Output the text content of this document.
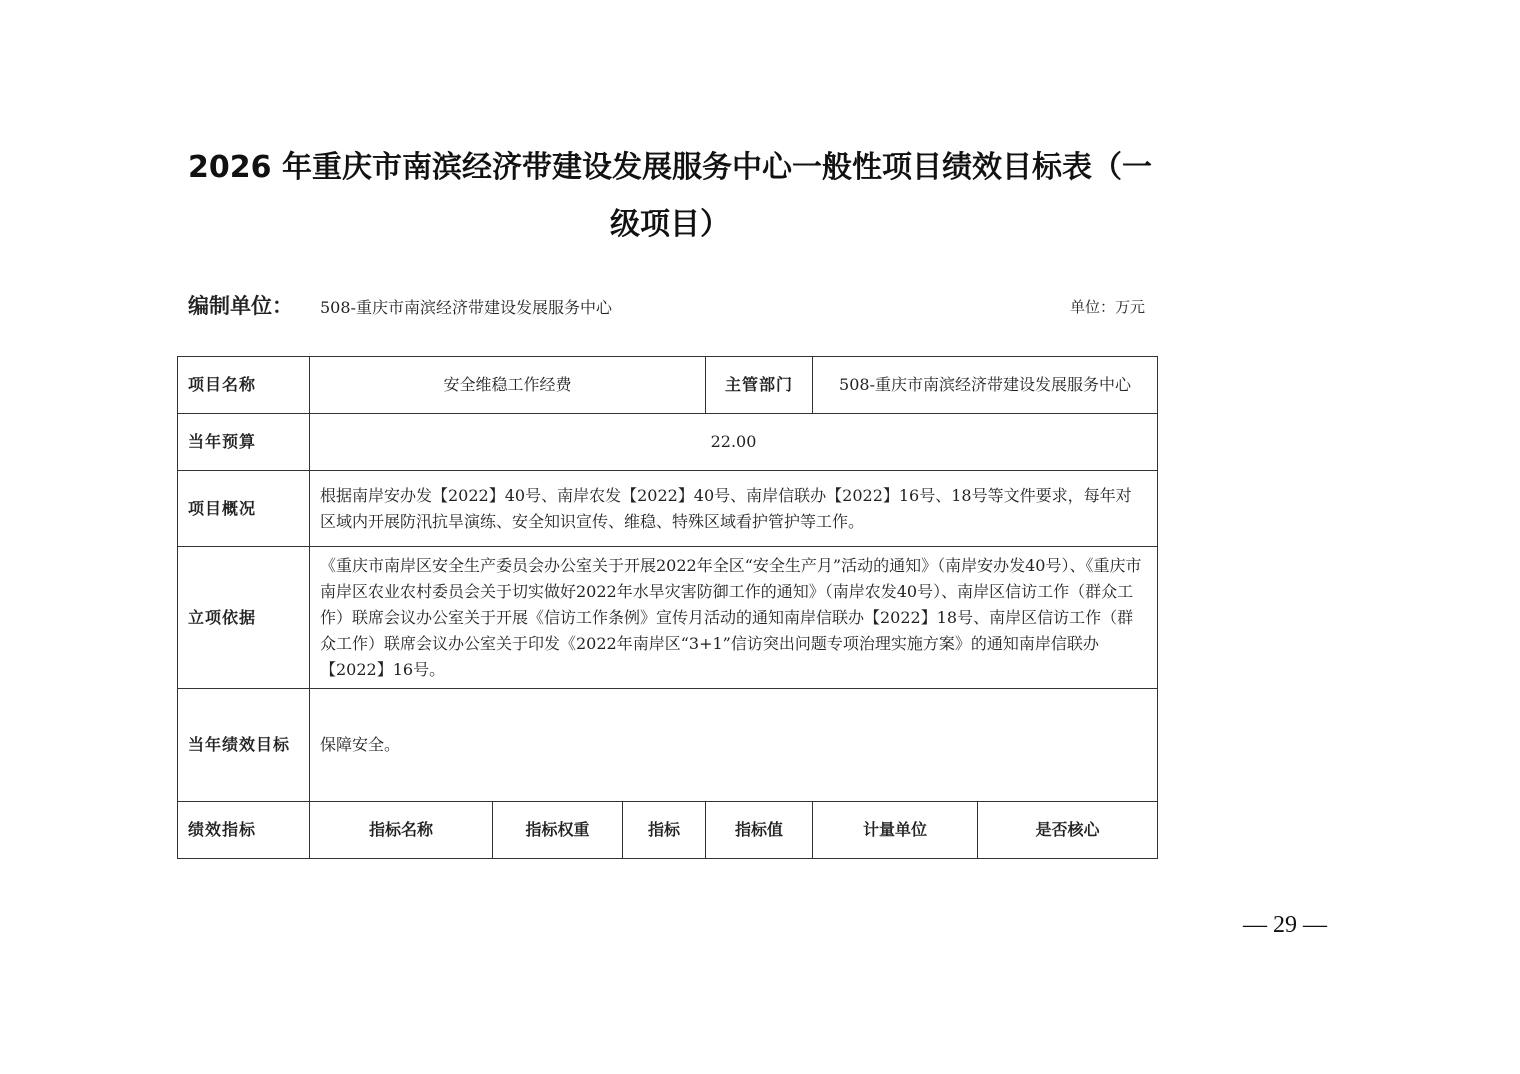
2026 年重庆市南滨经济带建设发展服务中心一般性项目绩效目标表（一
级项目）
编制单位： 508-重庆市南滨经济带建设发展服务中心	单位：万元
项目名称	安全维稳工作经费			主管部门	508-重庆市南滨经济带建设发展服务中心	
当年预算	22.00					
项目概况	根据南岸安办发【2022】40号、南岸农发【2022】40号、南岸信联办【2022】16号、18号等文件要求，每年对区域内开展防汛抗旱演练、安全知识宣传、维稳、特殊区域看护管护等工作。					
立项依据	《重庆市南岸区安全生产委员会办公室关于开展2022年全区“安全生产月”活动的通知》（南岸安办发40号）、《重庆市南岸区农业农村委员会关于切实做好2022年水旱灾害防御工作的通知》（南岸农发40号）、南岸区信访工作（群众工作）联席会议办公室关于开展《信访工作条例》宣传月活动的通知南岸信联办【2022】18号、南岸区信访工作（群众工作）联席会议办公室关于印发《2022年南岸区“3+1”信访突出问题专项治理实施方案》的通知南岸信联办【2022】16号。					

当年绩效目标	保障安全。					
绩效指标	指标名称	指标权重	指标	指标值	计量单位	是否核心
— 29 —
